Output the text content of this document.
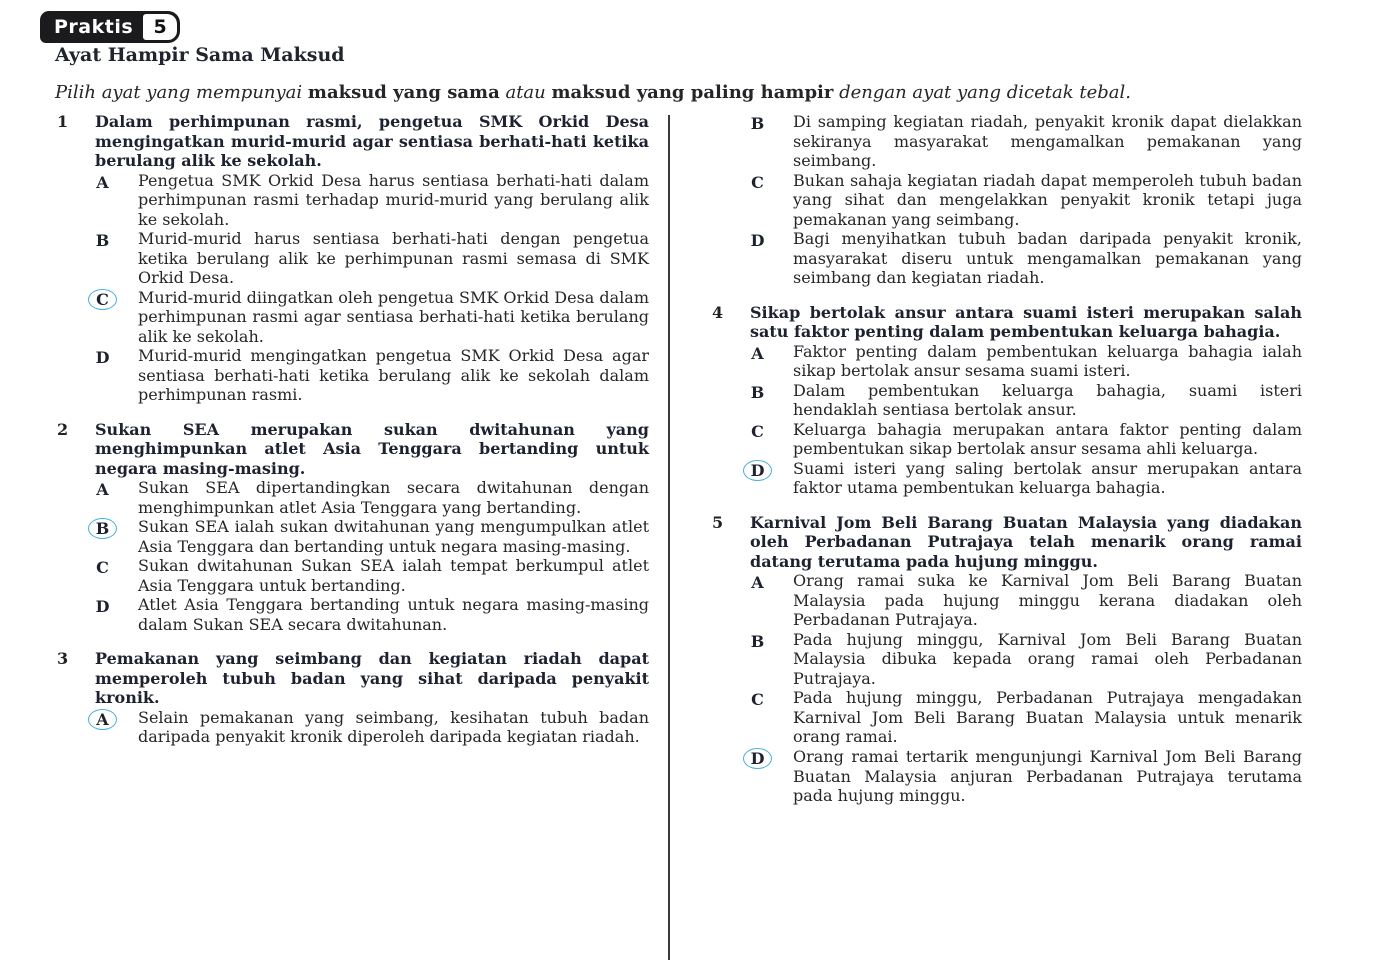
Praktis	5
Ayat Hampir Sama Maksud
Pilih ayat yang mempunyai maksud yang sama atau maksud yang paling hampir dengan ayat yang dicetak tebal.
1	Dalam perhimpunan rasmi, pengetua SMK Orkid Desa mengingatkan murid-murid agar sentiasa berhati-hati ketika berulang alik ke sekolah.
A	Pengetua SMK Orkid Desa harus sentiasa berhati-hati dalam perhimpunan rasmi terhadap murid-murid yang berulang alik ke sekolah.
B	Murid-murid harus sentiasa berhati-hati dengan pengetua ketika berulang alik ke perhimpunan rasmi semasa di SMK Orkid Desa.
C	Murid-murid diingatkan oleh pengetua SMK Orkid Desa dalam perhimpunan rasmi agar sentiasa berhati-hati ketika berulang alik ke sekolah.
D	Murid-murid mengingatkan pengetua SMK Orkid Desa agar sentiasa berhati-hati ketika berulang alik ke sekolah dalam perhimpunan rasmi.
2	Sukan SEA merupakan sukan dwitahunan yang menghimpunkan atlet Asia Tenggara bertanding untuk negara masing-masing.
A	Sukan SEA dipertandingkan secara dwitahunan dengan menghimpunkan atlet Asia Tenggara yang bertanding.
B	Sukan SEA ialah sukan dwitahunan yang mengumpulkan atlet Asia Tenggara dan bertanding untuk negara masing-masing.
C	Sukan dwitahunan Sukan SEA ialah tempat berkumpul atlet Asia Tenggara untuk bertanding.
D	Atlet Asia Tenggara bertanding untuk negara masing-masing dalam Sukan SEA secara dwitahunan.
3	Pemakanan yang seimbang dan kegiatan riadah dapat memperoleh tubuh badan yang sihat daripada penyakit kronik.
A	Selain pemakanan yang seimbang, kesihatan tubuh badan daripada penyakit kronik diperoleh daripada kegiatan riadah.
B	Di samping kegiatan riadah, penyakit kronik dapat dielakkan sekiranya masyarakat mengamalkan pemakanan yang seimbang.
C	Bukan sahaja kegiatan riadah dapat memperoleh tubuh badan yang sihat dan mengelakkan penyakit kronik tetapi juga pemakanan yang seimbang.
D	Bagi menyihatkan tubuh badan daripada penyakit kronik, masyarakat diseru untuk mengamalkan pemakanan yang seimbang dan kegiatan riadah.
4	Sikap bertolak ansur antara suami isteri merupakan salah satu faktor penting dalam pembentukan keluarga bahagia.
A	Faktor penting dalam pembentukan keluarga bahagia ialah sikap bertolak ansur sesama suami isteri.
B	Dalam pembentukan keluarga bahagia, suami isteri hendaklah sentiasa bertolak ansur.
C	Keluarga bahagia merupakan antara faktor penting dalam pembentukan sikap bertolak ansur sesama ahli keluarga.
D	Suami isteri yang saling bertolak ansur merupakan antara faktor utama pembentukan keluarga bahagia.
5	Karnival Jom Beli Barang Buatan Malaysia yang diadakan oleh Perbadanan Putrajaya telah menarik orang ramai datang terutama pada hujung minggu.
A	Orang ramai suka ke Karnival Jom Beli Barang Buatan Malaysia pada hujung minggu kerana diadakan oleh Perbadanan Putrajaya.
B	Pada hujung minggu, Karnival Jom Beli Barang Buatan Malaysia dibuka kepada orang ramai oleh Perbadanan Putrajaya.
C	Pada hujung minggu, Perbadanan Putrajaya mengadakan Karnival Jom Beli Barang Buatan Malaysia untuk menarik orang ramai.
D	Orang ramai tertarik mengunjungi Karnival Jom Beli Barang Buatan Malaysia anjuran Perbadanan Putrajaya terutama pada hujung minggu.
